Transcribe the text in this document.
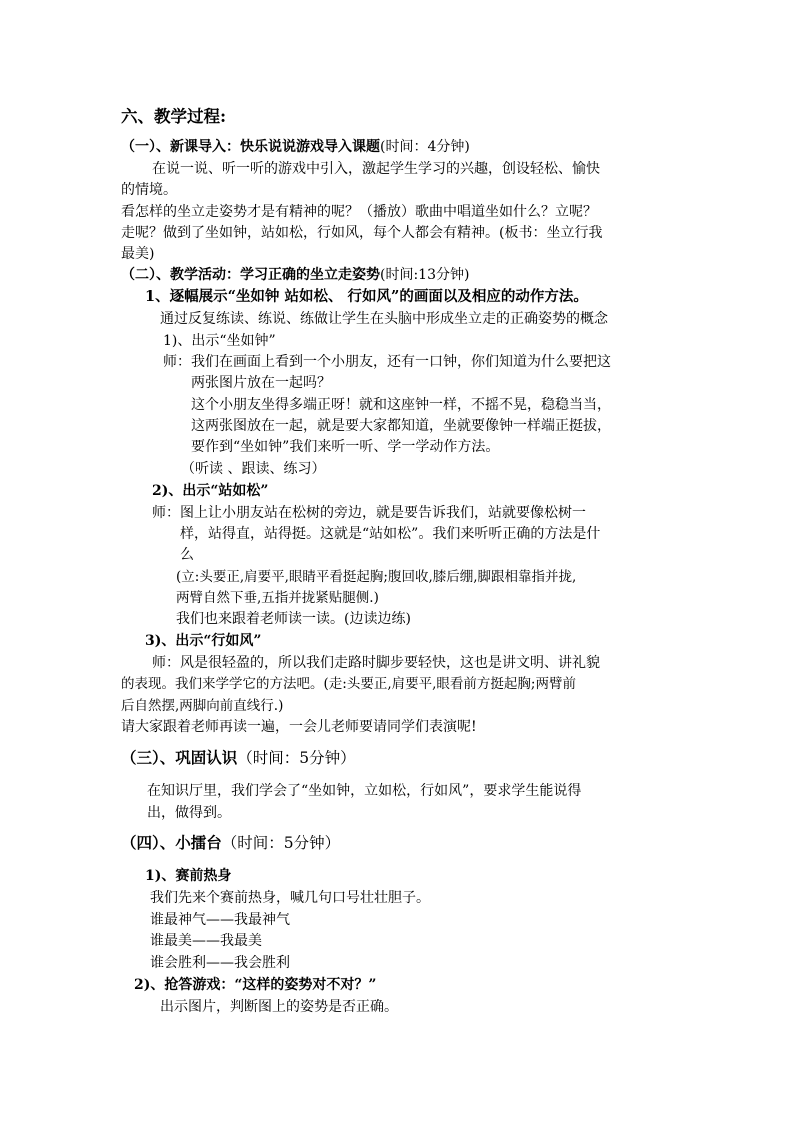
六、教学过程:
（一）、新课导入：快乐说说游戏导入课题(时间：4分钟)
在说一说、听一听的游戏中引入，激起学生学习的兴趣，创设轻松、愉快
的情境。
看怎样的坐立走姿势才是有精神的呢？（播放）歌曲中唱道坐如什么？立呢？
走呢？做到了坐如钟，站如松，行如风，每个人都会有精神。(板书：坐立行我
最美)
（二）、教学活动：学习正确的坐立走姿势(时间:13分钟)
1、逐幅展示“坐如钟 站如松、 行如风”的画面以及相应的动作方法。
通过反复练读、练说、练做让学生在头脑中形成坐立走的正确姿势的概念
1)、出示“坐如钟”
师：我们在画面上看到一个小朋友，还有一口钟，你们知道为什么要把这
两张图片放在一起吗？
这个小朋友坐得多端正呀！就和这座钟一样，不摇不晃，稳稳当当，
这两张图放在一起，就是要大家都知道，坐就要像钟一样端正挺拔，
要作到“坐如钟”我们来听一听、学一学动作方法。
（听读 、跟读、练习）
2)、出示“站如松”
师：图上让小朋友站在松树的旁边，就是要告诉我们，站就要像松树一
样，站得直，站得挺。这就是“站如松”。我们来听听正确的方法是什
么
(立:头要正,肩要平,眼睛平看挺起胸;腹回收,膝后绷,脚跟相靠指并拢,
两臂自然下垂,五指并拢紧贴腿侧.)
我们也来跟着老师读一读。(边读边练)
3)、出示“行如风”
师：风是很轻盈的，所以我们走路时脚步要轻快，这也是讲文明、讲礼貌
的表现。我们来学学它的方法吧。(走:头要正,肩要平,眼看前方挺起胸;两臂前
后自然摆,两脚向前直线行.)
请大家跟着老师再读一遍，一会儿老师要请同学们表演呢!
（三）、巩固认识（时间：5分钟）
在知识厅里，我们学会了“坐如钟，立如松，行如风”，要求学生能说得
出，做得到。
（四）、小擂台（时间：5分钟）
1)、赛前热身
我们先来个赛前热身，喊几句口号壮壮胆子。
谁最神气——我最神气
谁最美——我最美
谁会胜利——我会胜利
2)、抢答游戏：“这样的姿势对不对？”
出示图片，判断图上的姿势是否正确。
